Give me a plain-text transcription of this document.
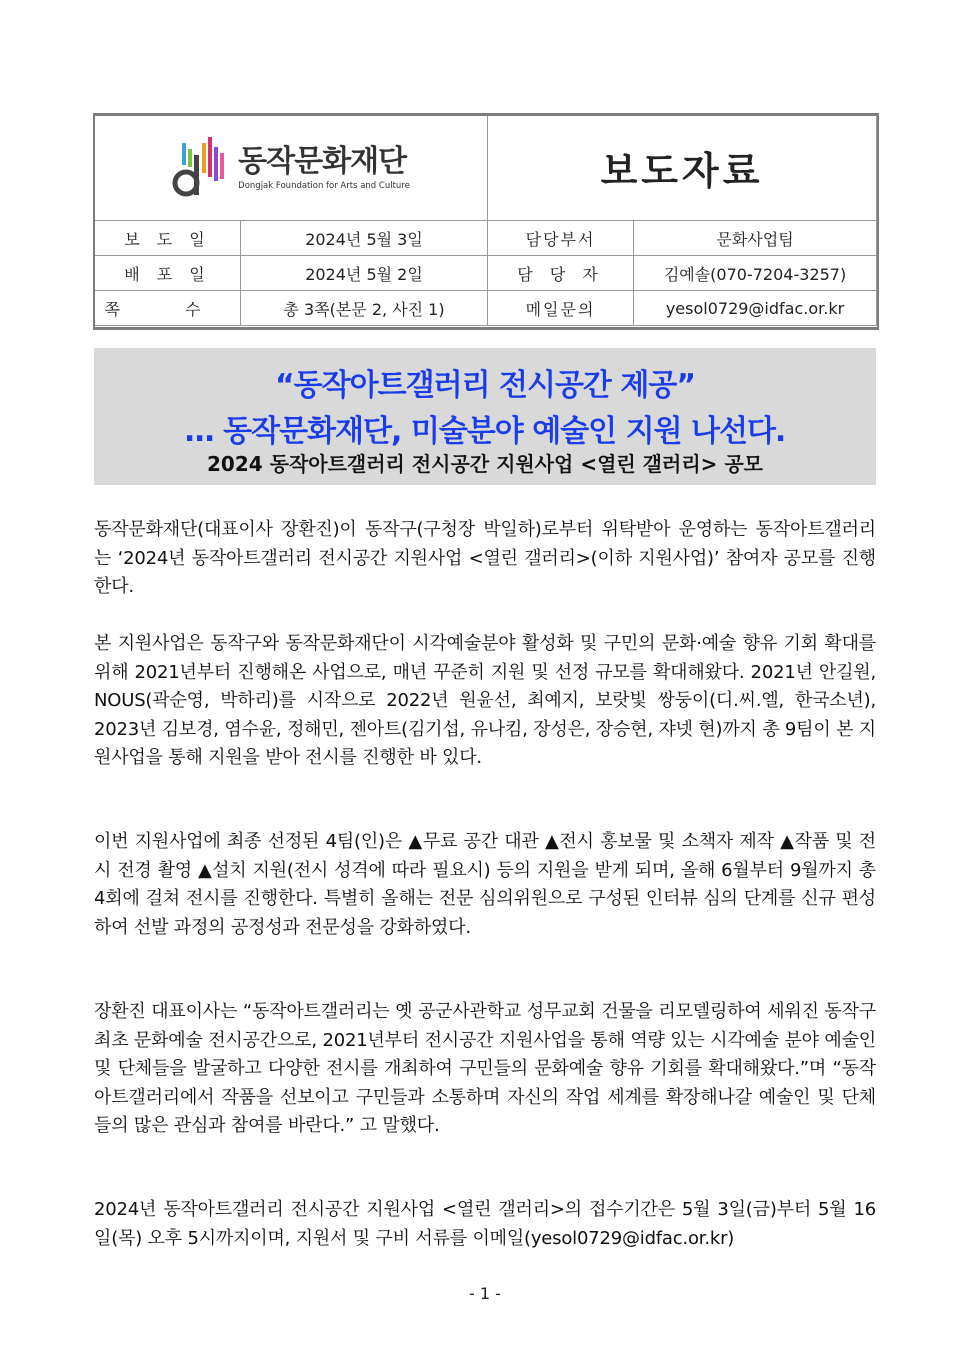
동작문화재단
Dongjak Foundation for Arts and Culture		보도자료	
보 도 일	2024년 5월 3일	담당부서	문화사업팀
배 포 일	2024년 5월 2일	담 당 자	김예솔(070-7204-3257)
쪽 수	총 3쪽(본문 2, 사진 1)	메일문의	yesol0729@idfac.or.kr
“동작아트갤러리 전시공간 제공”
… 동작문화재단, 미술분야 예술인 지원 나선다.
2024 동작아트갤러리 전시공간 지원사업 <열린 갤러리> 공모
동작문화재단(대표이사 장환진)이 동작구(구청장 박일하)로부터 위탁받아 운영하는 동작아트갤러리는 ‘2024년 동작아트갤러리 전시공간 지원사업 <열린 갤러리>(이하 지원사업)’ 참여자 공모를 진행한다.
본 지원사업은 동작구와 동작문화재단이 시각예술분야 활성화 및 구민의 문화·예술 향유 기회 확대를 위해 2021년부터 진행해온 사업으로, 매년 꾸준히 지원 및 선정 규모를 확대해왔다. 2021년 안길원, NOUS(곽순영, 박하리)를 시작으로 2022년 원윤선, 최예지, 보랏빛 쌍둥이(디.씨.엘, 한국소년), 2023년 김보경, 염수윤, 정해민, 젠아트(김기섭, 유나킴, 장성은, 장승현, 쟈넷 현)까지 총 9팀이 본 지원사업을 통해 지원을 받아 전시를 진행한 바 있다.
이번 지원사업에 최종 선정된 4팀(인)은 ▲무료 공간 대관 ▲전시 홍보물 및 소책자 제작 ▲작품 및 전시 전경 촬영 ▲설치 지원(전시 성격에 따라 필요시) 등의 지원을 받게 되며, 올해 6월부터 9월까지 총 4회에 걸쳐 전시를 진행한다. 특별히 올해는 전문 심의위원으로 구성된 인터뷰 심의 단계를 신규 편성하여 선발 과정의 공정성과 전문성을 강화하였다.
장환진 대표이사는 “동작아트갤러리는 옛 공군사관학교 성무교회 건물을 리모델링하여 세워진 동작구 최초 문화예술 전시공간으로, 2021년부터 전시공간 지원사업을 통해 역량 있는 시각예술 분야 예술인 및 단체들을 발굴하고 다양한 전시를 개최하여 구민들의 문화예술 향유 기회를 확대해왔다.”며 “동작아트갤러리에서 작품을 선보이고 구민들과 소통하며 자신의 작업 세계를 확장해나갈 예술인 및 단체들의 많은 관심과 참여를 바란다.” 고 말했다.
2024년 동작아트갤러리 전시공간 지원사업 <열린 갤러리>의 접수기간은 5월 3일(금)부터 5월 16일(목) 오후 5시까지이며, 지원서 및 구비 서류를 이메일(yesol0729@idfac.or.kr)
- 1 -
